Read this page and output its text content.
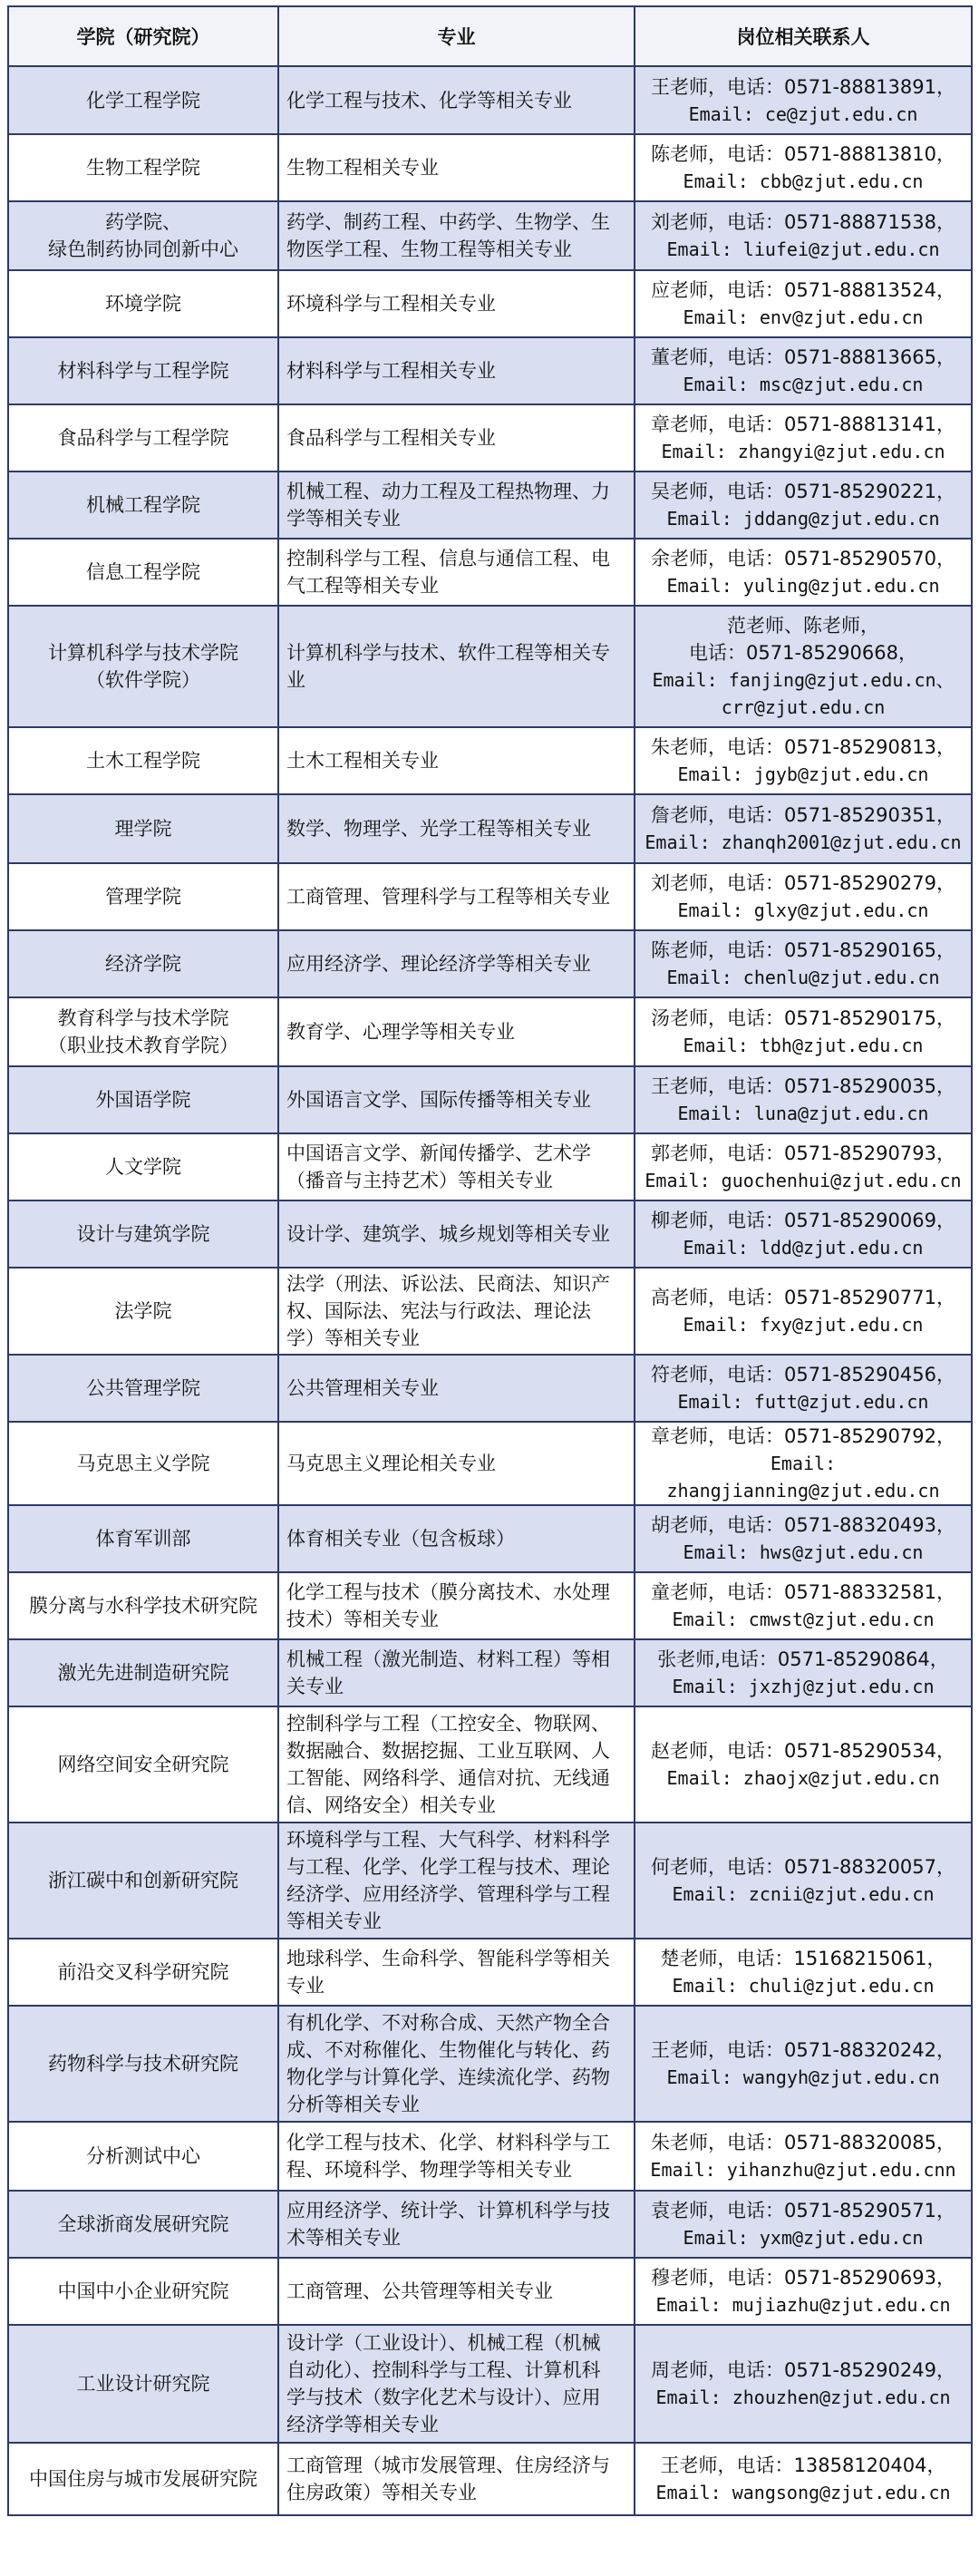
学院（研究院）	专业	岗位相关联系人

化学工程学院	化学工程与技术、化学等相关专业	王老师，电话：0571-88813891，
Email: ce@zjut.edu.cn

生物工程学院	生物工程相关专业	陈老师，电话：0571-88813810，
Email: cbb@zjut.edu.cn

药学院、
绿色制药协同创新中心	药学、制药工程、中药学、生物学、生
物医学工程、生物工程等相关专业	刘老师，电话：0571-88871538，
Email: liufei@zjut.edu.cn

环境学院	环境科学与工程相关专业	应老师，电话：0571-88813524，
Email: env@zjut.edu.cn

材料科学与工程学院	材料科学与工程相关专业	董老师，电话：0571-88813665，
Email: msc@zjut.edu.cn

食品科学与工程学院	食品科学与工程相关专业	章老师，电话：0571-88813141，
Email: zhangyi@zjut.edu.cn

机械工程学院	机械工程、动力工程及工程热物理、力
学等相关专业	吴老师，电话：0571-85290221，
Email: jddang@zjut.edu.cn

信息工程学院	控制科学与工程、信息与通信工程、电
气工程等相关专业	余老师，电话：0571-85290570，
Email: yuling@zjut.edu.cn

计算机科学与技术学院
（软件学院）	计算机科学与技术、软件工程等相关专
业	范老师、陈老师，
电话：0571-85290668，
Email: fanjing@zjut.edu.cn、
crr@zjut.edu.cn

土木工程学院	土木工程相关专业	朱老师，电话：0571-85290813，
Email: jgyb@zjut.edu.cn

理学院	数学、物理学、光学工程等相关专业	詹老师，电话：0571-85290351，
Email: zhanqh2001@zjut.edu.cn

管理学院	工商管理、管理科学与工程等相关专业	刘老师，电话：0571-85290279，
Email: glxy@zjut.edu.cn

经济学院	应用经济学、理论经济学等相关专业	陈老师，电话：0571-85290165，
Email: chenlu@zjut.edu.cn

教育科学与技术学院
（职业技术教育学院）	教育学、心理学等相关专业	汤老师，电话：0571-85290175，
Email: tbh@zjut.edu.cn

外国语学院	外国语言文学、国际传播等相关专业	王老师，电话：0571-85290035，
Email: luna@zjut.edu.cn

人文学院	中国语言文学、新闻传播学、艺术学
（播音与主持艺术）等相关专业	郭老师，电话：0571-85290793，
Email: guochenhui@zjut.edu.cn

设计与建筑学院	设计学、建筑学、城乡规划等相关专业	柳老师，电话：0571-85290069，
Email: ldd@zjut.edu.cn

法学院	法学（刑法、诉讼法、民商法、知识产
权、国际法、宪法与行政法、理论法
学）等相关专业	高老师，电话：0571-85290771，
Email: fxy@zjut.edu.cn

公共管理学院	公共管理相关专业	符老师，电话：0571-85290456，
Email: futt@zjut.edu.cn

马克思主义学院	马克思主义理论相关专业	章老师，电话：0571-85290792，
Email: zhangjianning@zjut.edu.cn

体育军训部	体育相关专业（包含板球）	胡老师，电话：0571-88320493，
Email: hws@zjut.edu.cn

膜分离与水科学技术研究院	化学工程与技术（膜分离技术、水处理
技术）等相关专业	童老师，电话：0571-88332581，
Email: cmwst@zjut.edu.cn

激光先进制造研究院	机械工程（激光制造、材料工程）等相
关专业	张老师,电话：0571-85290864，
Email: jxzhj@zjut.edu.cn

网络空间安全研究院	控制科学与工程（工控安全、物联网、
数据融合、数据挖掘、工业互联网、人
工智能、网络科学、通信对抗、无线通
信、网络安全）相关专业	赵老师，电话：0571-85290534，
Email: zhaojx@zjut.edu.cn

浙江碳中和创新研究院	环境科学与工程、大气科学、材料科学
与工程、化学、化学工程与技术、理论
经济学、应用经济学、管理科学与工程
等相关专业	何老师，电话：0571-88320057，
Email: zcnii@zjut.edu.cn

前沿交叉科学研究院	地球科学、生命科学、智能科学等相关
专业	楚老师，电话：15168215061，
Email: chuli@zjut.edu.cn

药物科学与技术研究院	有机化学、不对称合成、天然产物全合
成、不对称催化、生物催化与转化、药
物化学与计算化学、连续流化学、药物
分析等相关专业	王老师，电话：0571-88320242，
Email: wangyh@zjut.edu.cn

分析测试中心	化学工程与技术、化学、材料科学与工
程、环境科学、物理学等相关专业	朱老师，电话：0571-88320085，
Email: yihanzhu@zjut.edu.cnn

全球浙商发展研究院	应用经济学、统计学、计算机科学与技
术等相关专业	袁老师，电话：0571-85290571，
Email: yxm@zjut.edu.cn

中国中小企业研究院	工商管理、公共管理等相关专业	穆老师，电话：0571-85290693，
Email: mujiazhu@zjut.edu.cn

工业设计研究院	设计学（工业设计）、机械工程（机械
自动化）、控制科学与工程、计算机科
学与技术（数字化艺术与设计）、应用
经济学等相关专业	周老师，电话：0571-85290249，
Email: zhouzhen@zjut.edu.cn

中国住房与城市发展研究院	工商管理（城市发展管理、住房经济与
住房政策）等相关专业	王老师，电话：13858120404，
Email: wangsong@zjut.edu.cn
